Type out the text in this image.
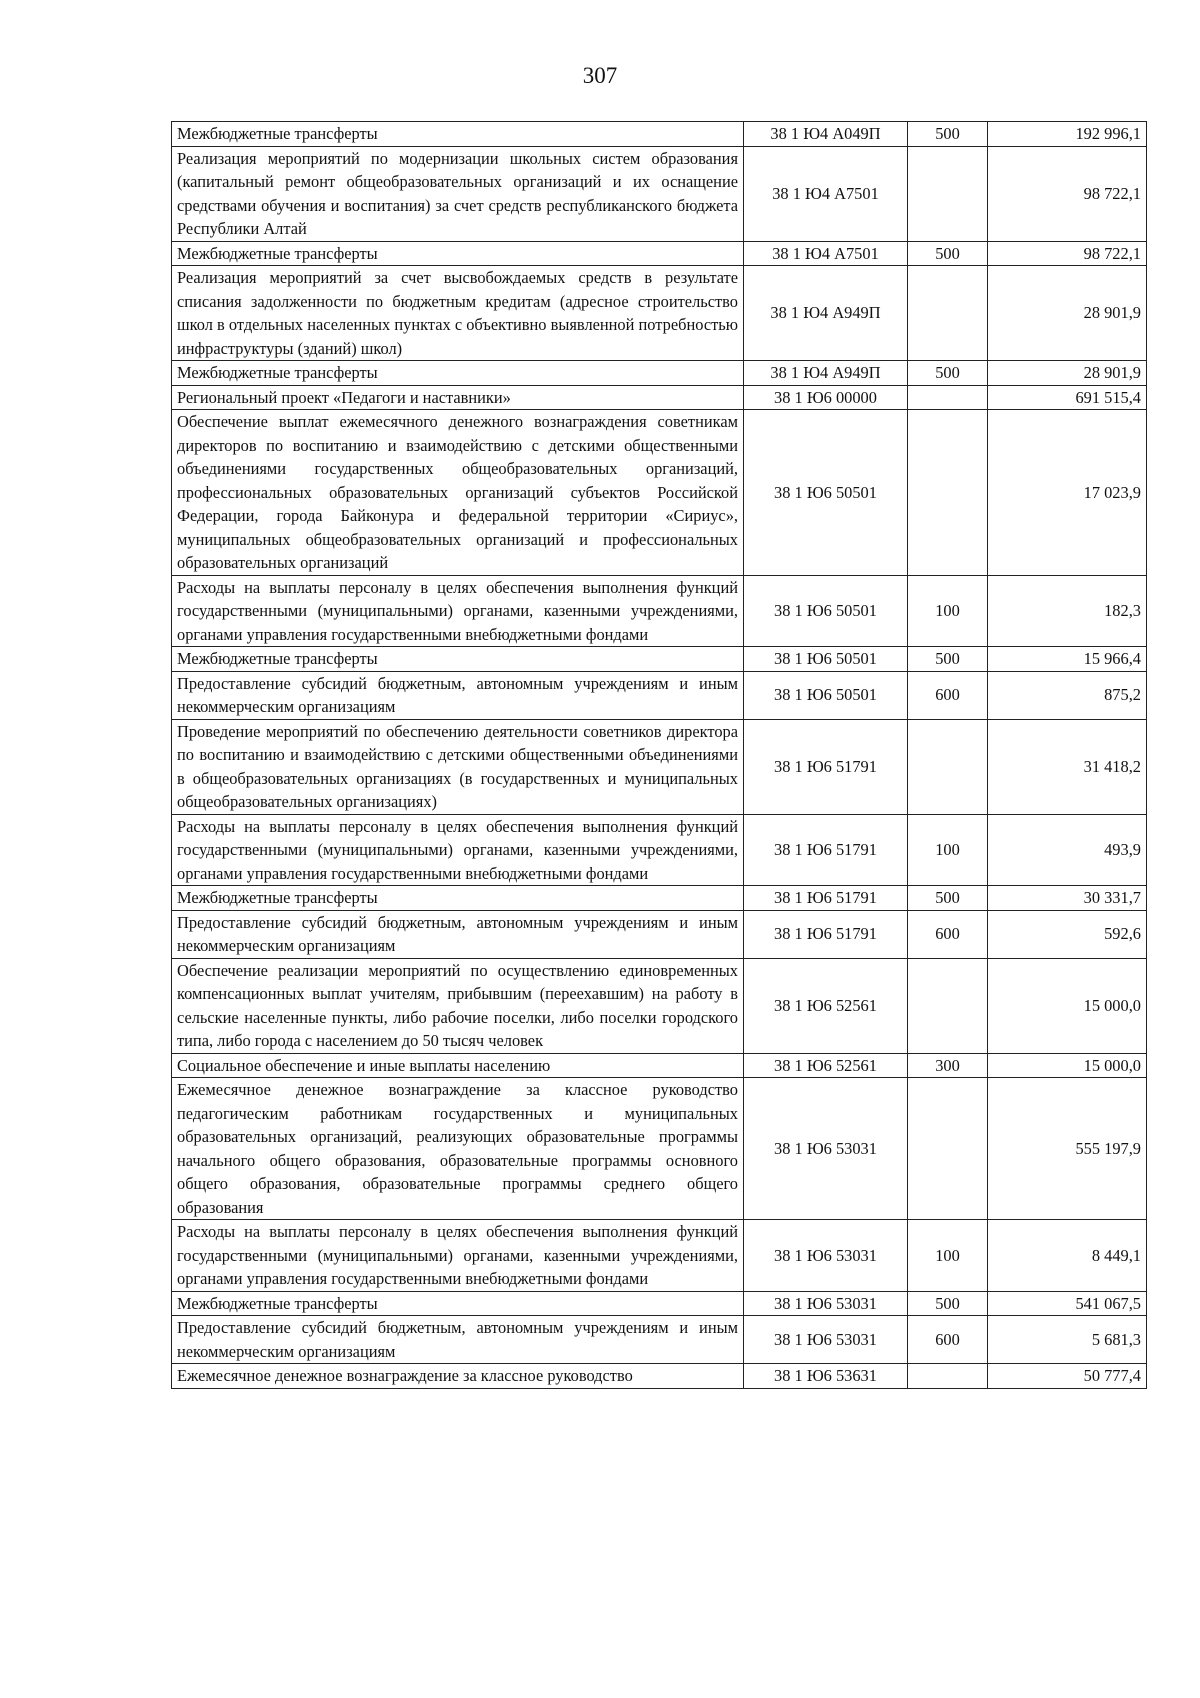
307
Межбюджетные трансферты	38 1 Ю4 А049П	500	192 996,1
Реализация мероприятий по модернизации школьных систем образования (капитальный ремонт общеобразовательных организаций и их оснащение средствами обучения и воспитания) за счет средств республиканского бюджета Республики Алтай	38 1 Ю4 А7501		98 722,1
Межбюджетные трансферты	38 1 Ю4 А7501	500	98 722,1
Реализация мероприятий за счет высвобождаемых средств в результате списания задолженности по бюджетным кредитам (адресное строительство школ в отдельных населенных пунктах с объективно выявленной потребностью инфраструктуры (зданий) школ)	38 1 Ю4 А949П		28 901,9
Межбюджетные трансферты	38 1 Ю4 А949П	500	28 901,9
Региональный проект «Педагоги и наставники»	38 1 Ю6 00000		691 515,4
Обеспечение выплат ежемесячного денежного вознаграждения советникам директоров по воспитанию и взаимодействию с детскими общественными объединениями государственных общеобразовательных организаций, профессиональных образовательных организаций субъектов Российской Федерации, города Байконура и федеральной территории «Сириус», муниципальных общеобразовательных организаций и профессиональных образовательных организаций	38 1 Ю6 50501		17 023,9
Расходы на выплаты персоналу в целях обеспечения выполнения функций государственными (муниципальными) органами, казенными учреждениями, органами управления государственными внебюджетными фондами	38 1 Ю6 50501	100	182,3
Межбюджетные трансферты	38 1 Ю6 50501	500	15 966,4
Предоставление субсидий бюджетным, автономным учреждениям и иным некоммерческим организациям	38 1 Ю6 50501	600	875,2
Проведение мероприятий по обеспечению деятельности советников директора по воспитанию и взаимодействию с детскими общественными объединениями в общеобразовательных организациях (в государственных и муниципальных общеобразовательных организациях)	38 1 Ю6 51791		31 418,2
Расходы на выплаты персоналу в целях обеспечения выполнения функций государственными (муниципальными) органами, казенными учреждениями, органами управления государственными внебюджетными фондами	38 1 Ю6 51791	100	493,9
Межбюджетные трансферты	38 1 Ю6 51791	500	30 331,7
Предоставление субсидий бюджетным, автономным учреждениям и иным некоммерческим организациям	38 1 Ю6 51791	600	592,6
Обеспечение реализации мероприятий по осуществлению единовременных компенсационных выплат учителям, прибывшим (переехавшим) на работу в сельские населенные пункты, либо рабочие поселки, либо поселки городского типа, либо города с населением до 50 тысяч человек	38 1 Ю6 52561		15 000,0
Социальное обеспечение и иные выплаты населению	38 1 Ю6 52561	300	15 000,0
Ежемесячное денежное вознаграждение за классное руководство педагогическим работникам государственных и муниципальных образовательных организаций, реализующих образовательные программы начального общего образования, образовательные программы основного общего образования, образовательные программы среднего общего образования	38 1 Ю6 53031		555 197,9
Расходы на выплаты персоналу в целях обеспечения выполнения функций государственными (муниципальными) органами, казенными учреждениями, органами управления государственными внебюджетными фондами	38 1 Ю6 53031	100	8 449,1
Межбюджетные трансферты	38 1 Ю6 53031	500	541 067,5
Предоставление субсидий бюджетным, автономным учреждениям и иным некоммерческим организациям	38 1 Ю6 53031	600	5 681,3
Ежемесячное денежное вознаграждение за классное руководство	38 1 Ю6 53631		50 777,4
